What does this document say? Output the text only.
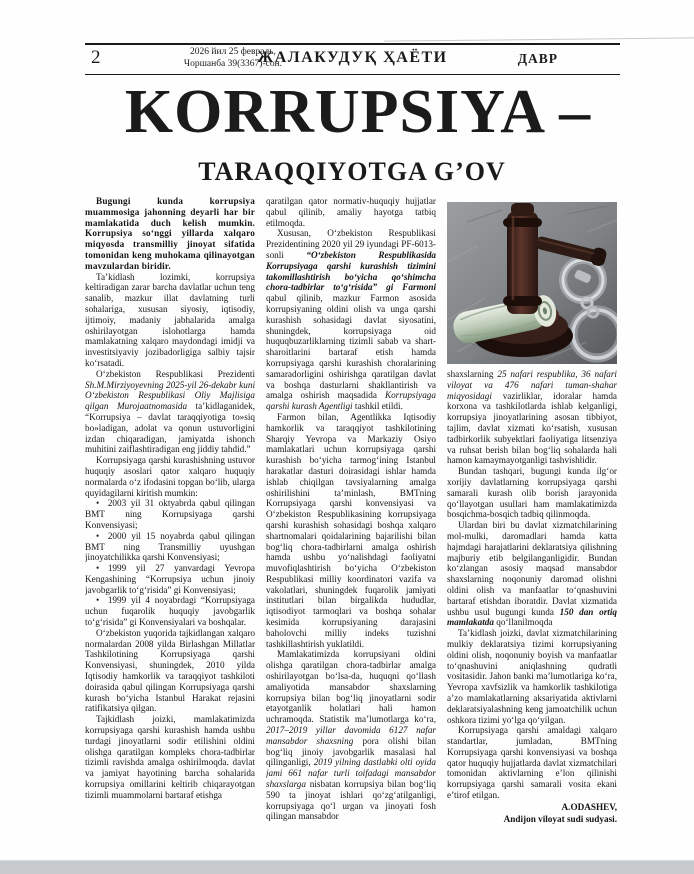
2	2026 йил 25 февраль,
Чоршанба 39(3367)-сон.
ЖАЛАКУДУҚ ҲАЁТИ	ДАВР
KORRUPSIYA –
TARAQQIYOTGA G’OV

Bugungi kunda korrupsiya muammosiga jahonning deyarli har bir mamlakatida duch kelish mumkin. Korrupsiya so‘nggi yillarda xalqaro miqyosda transmilliy jinoyat sifatida tomonidan keng muhokama qilinayotgan mavzulardan biridir.

Ta’kidlash lozimki, korrupsiya keltiradigan zarar barcha davlatlar uchun teng sanalib, mazkur illat davlatning turli sohalariga, xususan siyosiy, iqtisodiy, ijtimoiy, madaniy jabhalarida amalga oshirilayotgan islohotlarga hamda mamlakatning xalqaro maydondagi imidji va investitsiyaviy jozibadorligiga salbiy tajsir ko‘rsatadi.

O‘zbekiston Respublikasi Prezidenti Sh.M.Mirziyoyevning 2025-yil 26-dekabr kuni O‘zbekiston Respublikasi Oliy Majlisiga qilgan Murojaatnomasida ta’kidlaganidek, “Korrupsiya – davlat taraqqiyotiga to»siq bo»ladigan, adolat va qonun ustuvorligini izdan chiqaradigan, jamiyatda ishonch muhitini zaiflashtiradigan eng jiddiy tahdid.”

Korrupsiyaga qarshi kurashishning ustuvor huquqiy asoslari qator xalqaro huquqiy normalarda o‘z ifodasini topgan bo‘lib, ularga quyidagilarni kiritish mumkin:

• 2003 yil 31 oktyabrda qabul qilingan BMT ning Korrupsiyaga qarshi Konvensiyasi;

• 2000 yil 15 noyabrda qabul qilingan BMT ning Transmilliy uyushgan jinoyatchilikka qarshi Konvensiyasi;

• 1999 yil 27 yanvardagi Yevropa Kengashining “Korrupsiya uchun jinoiy javobgarlik to‘g‘risida” gi Konvensiyasi;

• 1999 yil 4 noyabrdagi “Korrupsiyaga uchun fuqarolik huquqiy javobgarlik to‘g‘risida” gi Konvensiyalari va boshqalar.

O‘zbekiston yuqorida tajkidlangan xalqaro normalardan 2008 yilda Birlashgan Millatlar Tashkilotining Korrupsiyaga qarshi Konvensiyasi, shuningdek, 2010 yilda Iqtisodiy hamkorlik va taraqqiyot tashkiloti doirasida qabul qilingan Korrupsiyaga qarshi kurash bo‘yicha Istanbul Harakat rejasini ratifikatsiya qilgan.

Tajkidlash joizki, mamlakatimizda korrupsiyaga qarshi kurashish hamda ushbu turdagi jinoyatlarni sodir etilishini oldini olishga qaratilgan kompleks chora-tadbirlar tizimli ravishda amalga oshirilmoqda. davlat va jamiyat hayotining barcha sohalarida korrupsiya omillarini keltirib chiqarayotgan tizimli muammolarni bartaraf etishga

qaratilgan qator normativ-huquqiy hujjatlar qabul qilinib, amaliy hayotga tatbiq etilmoqda.

Xususan, O‘zbekiston Respublikasi Prezidentining 2020 yil 29 iyundagi PF-6013-sonli “O‘zbekiston Respublikasida Korrupsiyaga qarshi kurashish tizimini takomillashtirish bo‘yicha qo‘shimcha chora-tadbirlar to‘g‘risida” gi Farmoni qabul qilinib, mazkur Farmon asosida korrupsiyaning oldini olish va unga qarshi kurashish sohasidagi davlat siyosatini, shuningdek, korrupsiyaga oid huquqbuzarliklarning tizimli sabab va shart-sharoitlarini bartaraf etish hamda korrupsiyaga qarshi kurashish choralarining samaradorligini oshirishga qaratilgan davlat va boshqa dasturlarni shakllantirish va amalga oshirish maqsadida Korrupsiyaga qarshi kurash Agentligi tashkil etildi.

Farmon bilan, Agentlikka Iqtisodiy hamkorlik va taraqqiyot tashkilotining Sharqiy Yevropa va Markaziy Osiyo mamlakatlari uchun korrupsiyaga qarshi kurashish bo‘yicha tarmog‘ining Istanbul harakatlar dasturi doirasidagi ishlar hamda ishlab chiqilgan tavsiyalarning amalga oshirilishini ta’minlash, BMTning Korrupsiyaga qarshi konvensiyasi va O‘zbekiston Respublikasining korrupsiyaga qarshi kurashish sohasidagi boshqa xalqaro shartnomalari qoidalarining bajarilishi bilan bog‘liq chora-tadbirlarni amalga oshirish hamda ushbu yo‘nalishdagi faoliyatni muvofiqlashtirish bo‘yicha O‘zbekiston Respublikasi milliy koordinatori vazifa va vakolatlari, shuningdek fuqarolik jamiyati institutlari bilan birgalikda hududlar, iqtisodiyot tarmoqlari va boshqa sohalar kesimida korrupsiyaning darajasini baholovchi milliy indeks tuzishni tashkillashtirish yuklatildi.

Mamlakatimizda korrupsiyani oldini olishga qaratilgan chora-tadbirlar amalga oshirilayotgan bo‘lsa-da, huquqni qo‘llash amaliyotida mansabdor shaxslarning korrupsiya bilan bog‘liq jinoyatlarni sodir etayotganlik holatlari hali hamon uchramoqda. Statistik ma’lumotlarga ko‘ra, 2017–2019 yillar davomida 6127 nafar mansabdor shaxsning pora olishi bilan bog‘liq jinoiy javobgarlik masalasi hal qilinganligi, 2019 yilning dastlabki olti oyida jami 661 nafar turli toifadagi mansabdor shaxslarga nisbatan korrupsiya bilan bog‘liq 590 ta jinoyat ishlari qo‘zg‘atilganligi, korrupsiyaga qo‘l urgan va jinoyati fosh qilingan mansabdor

shaxslarning 25 nafari respublika, 36 nafari viloyat va 476 nafari tuman-shahar miqyosidagi vazirliklar, idoralar hamda korxona va tashkilotlarda ishlab kelganligi, korrupsiya jinoyatlarining asosan tibbiyot, tajlim, davlat xizmati ko‘rsatish, xususan tadbirkorlik subyektlari faoliyatiga litsenziya va ruhsat berish bilan bog‘liq sohalarda hali hamon kamaymayotganligi tashvishlidir.

Bundan tashqari, bugungi kunda ilg‘or xorijiy davlatlarning korrupsiyaga qarshi samarali kurash olib borish jarayonida qo‘llayotgan usullari ham mamlakatimizda bosqichma-bosqich tadbiq qilinmoqda.

Ulardan biri bu davlat xizmatchilarining mol-mulki, daromadlari hamda katta hajmdagi harajatlarini deklaratsiya qilishning majburiy etib belgilanganligidir. Bundan ko‘zlangan asosiy maqsad mansabdor shaxslarning noqonuniy daromad olishni oldini olish va manfaatlar to‘qnashuvini bartaraf etishdan iboratdir. Davlat xizmatida ushbu usul bugungi kunda 150 dan ortiq mamlakatda qo‘llanilmoqda

Ta’kidlash joizki, davlat xizmatchilarining mulkiy deklaratsiya tizimi korrupsiyaning oldini olish, noqonuniy boyish va manfaatlar to‘qnashuvini aniqlashning qudratli vositasidir. Jahon banki ma’lumotlariga ko‘ra, Yevropa xavfsizlik va hamkorlik tashkilotiga a’zo mamlakatlarning aksariyatida aktivlarni deklaratsiyalashning keng jamoatchilik uchun oshkora tizimi yo‘lga qo‘yilgan.

Korrupsiyaga qarshi amaldagi xalqaro standartlar, jumladan, BMTning Korrupsiyaga qarshi konvensiyasi va boshqa qator huquqiy hujjatlarda davlat xizmatchilari tomonidan aktivlarning e’lon qilinishi korrupsiyaga qarshi samarali vosita ekani e’tirof etilgan.

A.ODASHEV,

Andijon viloyat sudi sudyasi.
